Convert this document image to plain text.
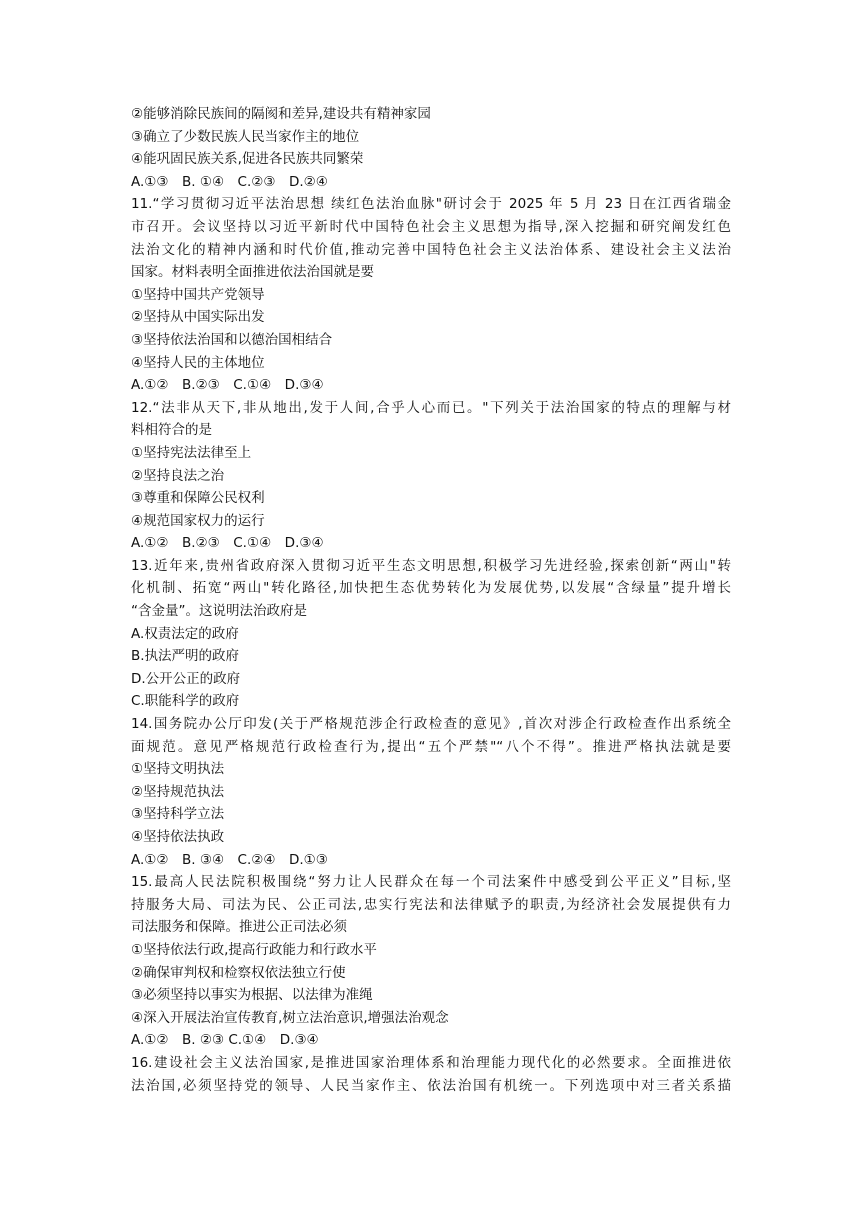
②能够消除民族间的隔阂和差异,建设共有精神家园
③确立了少数民族人民当家作主的地位
④能巩固民族关系,促进各民族共同繁荣
A.①③　B. ①④　C.②③　D.②④
11.“学习贯彻习近平法治思想 续红色法治血脉"研讨会于 2025 年 5 月 23 日在江西省瑞金
市召开。会议坚持以习近平新时代中国特色社会主义思想为指导,深入挖掘和研究阐发红色
法治文化的精神内涵和时代价值,推动完善中国特色社会主义法治体系、建设社会主义法治
国家。材料表明全面推进依法治国就是要
①坚持中国共产党领导
②坚持从中国实际出发
③坚持依法治国和以德治国相结合
④坚持人民的主体地位
A.①②　B.②③　C.①④　D.③④
12.“法非从天下,非从地出,发于人间,合乎人心而已。"下列关于法治国家的特点的理解与材
料相符合的是
①坚持宪法法律至上
②坚持良法之治
③尊重和保障公民权利
④规范国家权力的运行
A.①②　B.②③　C.①④　D.③④
13.近年来,贵州省政府深入贯彻习近平生态文明思想,积极学习先进经验,探索创新“两山"转
化机制、拓宽“两山"转化路径,加快把生态优势转化为发展优势,以发展“含绿量”提升增长
“含金量”。这说明法治政府是
A.权责法定的政府
B.执法严明的政府
D.公开公正的政府
C.职能科学的政府
14.国务院办公厅印发(关于严格规范涉企行政检查的意见》,首次对涉企行政检查作出系统全
面规范。意见严格规范行政检查行为,提出“五个严禁"“八个不得”。推进严格执法就是要
①坚持文明执法
②坚持规范执法
③坚持科学立法
④坚持依法执政
A.①②　B. ③④　C.②④　D.①③
15.最高人民法院积极围绕“努力让人民群众在每一个司法案件中感受到公平正义”目标,坚
持服务大局、司法为民、公正司法,忠实行宪法和法律赋予的职责,为经济社会发展提供有力
司法服务和保障。推进公正司法必须
①坚持依法行政,提高行政能力和行政水平
②确保审判权和检察权依法独立行使
③必须坚持以事实为根据、以法律为准绳
④深入开展法治宣传教育,树立法治意识,增强法治观念
A.①②　B. ②③ C.①④　D.③④
16.建设社会主义法治国家,是推进国家治理体系和治理能力现代化的必然要求。全面推进依
法治国,必须坚持党的领导、人民当家作主、依法治国有机统一。下列选项中对三者关系描
